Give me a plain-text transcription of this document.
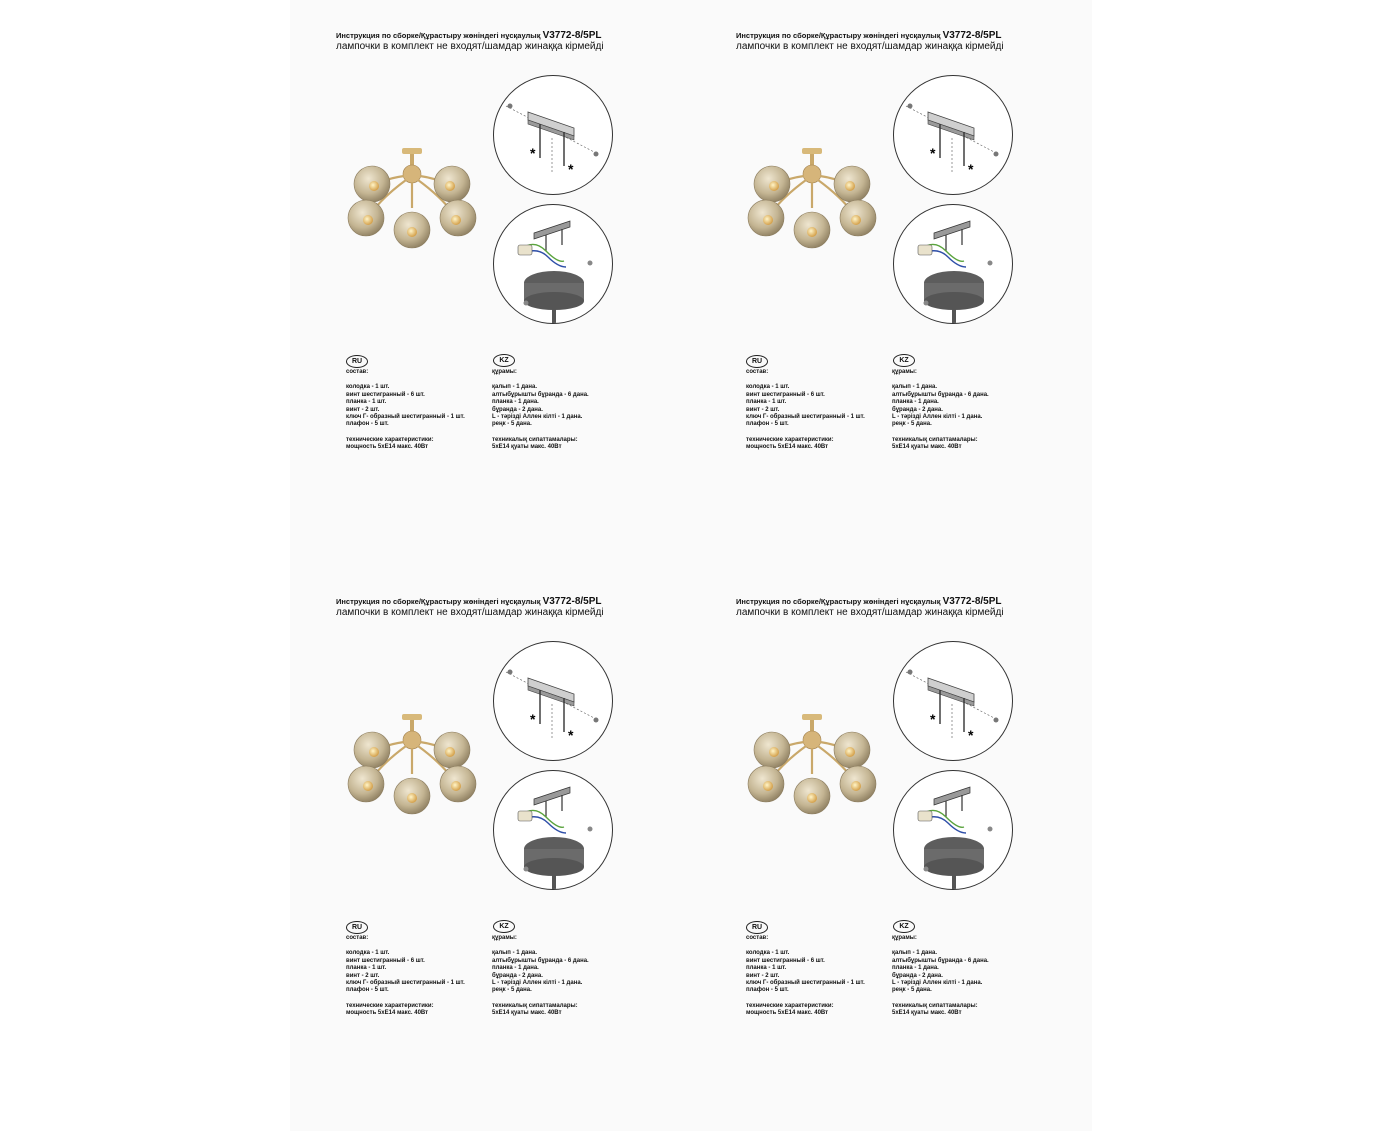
Инструкция по сборке/Құрастыру жөніндегі нұсқаулық V3772-8/5PL
лампочки в комплект не входят/шамдар жинаққа кірмейді
*
*
RU
состав:
колодка - 1 шт.
винт шестигранный - 6 шт.
планка - 1 шт.
винт - 2 шт.
ключ Г- образный шестигранный - 1 шт.
плафон - 5 шт.
технические характеристики:
мощность 5хЕ14 макс. 40Вт
KZ
құрамы:
қалып - 1 дана.
алтыбұрышты бұранда - 6 дана.
планка - 1 дана.
бұранда - 2 дана.
L - тәрізді Аллен кілті - 1 дана.
реңк - 5 дана.
техникалық сипаттамалары:
5хЕ14 қуаты макс. 40Вт
Инструкция по сборке/Құрастыру жөніндегі нұсқаулық V3772-8/5PL
лампочки в комплект не входят/шамдар жинаққа кірмейді
*
*
RU
состав:
колодка - 1 шт.
винт шестигранный - 6 шт.
планка - 1 шт.
винт - 2 шт.
ключ Г- образный шестигранный - 1 шт.
плафон - 5 шт.
технические характеристики:
мощность 5хЕ14 макс. 40Вт
KZ
құрамы:
қалып - 1 дана.
алтыбұрышты бұранда - 6 дана.
планка - 1 дана.
бұранда - 2 дана.
L - тәрізді Аллен кілті - 1 дана.
реңк - 5 дана.
техникалық сипаттамалары:
5хЕ14 қуаты макс. 40Вт
Инструкция по сборке/Құрастыру жөніндегі нұсқаулық V3772-8/5PL
лампочки в комплект не входят/шамдар жинаққа кірмейді
*
*
RU
состав:
колодка - 1 шт.
винт шестигранный - 6 шт.
планка - 1 шт.
винт - 2 шт.
ключ Г- образный шестигранный - 1 шт.
плафон - 5 шт.
технические характеристики:
мощность 5хЕ14 макс. 40Вт
KZ
құрамы:
қалып - 1 дана.
алтыбұрышты бұранда - 6 дана.
планка - 1 дана.
бұранда - 2 дана.
L - тәрізді Аллен кілті - 1 дана.
реңк - 5 дана.
техникалық сипаттамалары:
5хЕ14 қуаты макс. 40Вт
Инструкция по сборке/Құрастыру жөніндегі нұсқаулық V3772-8/5PL
лампочки в комплект не входят/шамдар жинаққа кірмейді
*
*
RU
состав:
колодка - 1 шт.
винт шестигранный - 6 шт.
планка - 1 шт.
винт - 2 шт.
ключ Г- образный шестигранный - 1 шт.
плафон - 5 шт.
технические характеристики:
мощность 5хЕ14 макс. 40Вт
KZ
құрамы:
қалып - 1 дана.
алтыбұрышты бұранда - 6 дана.
планка - 1 дана.
бұранда - 2 дана.
L - тәрізді Аллен кілті - 1 дана.
реңк - 5 дана.
техникалық сипаттамалары:
5хЕ14 қуаты макс. 40Вт
